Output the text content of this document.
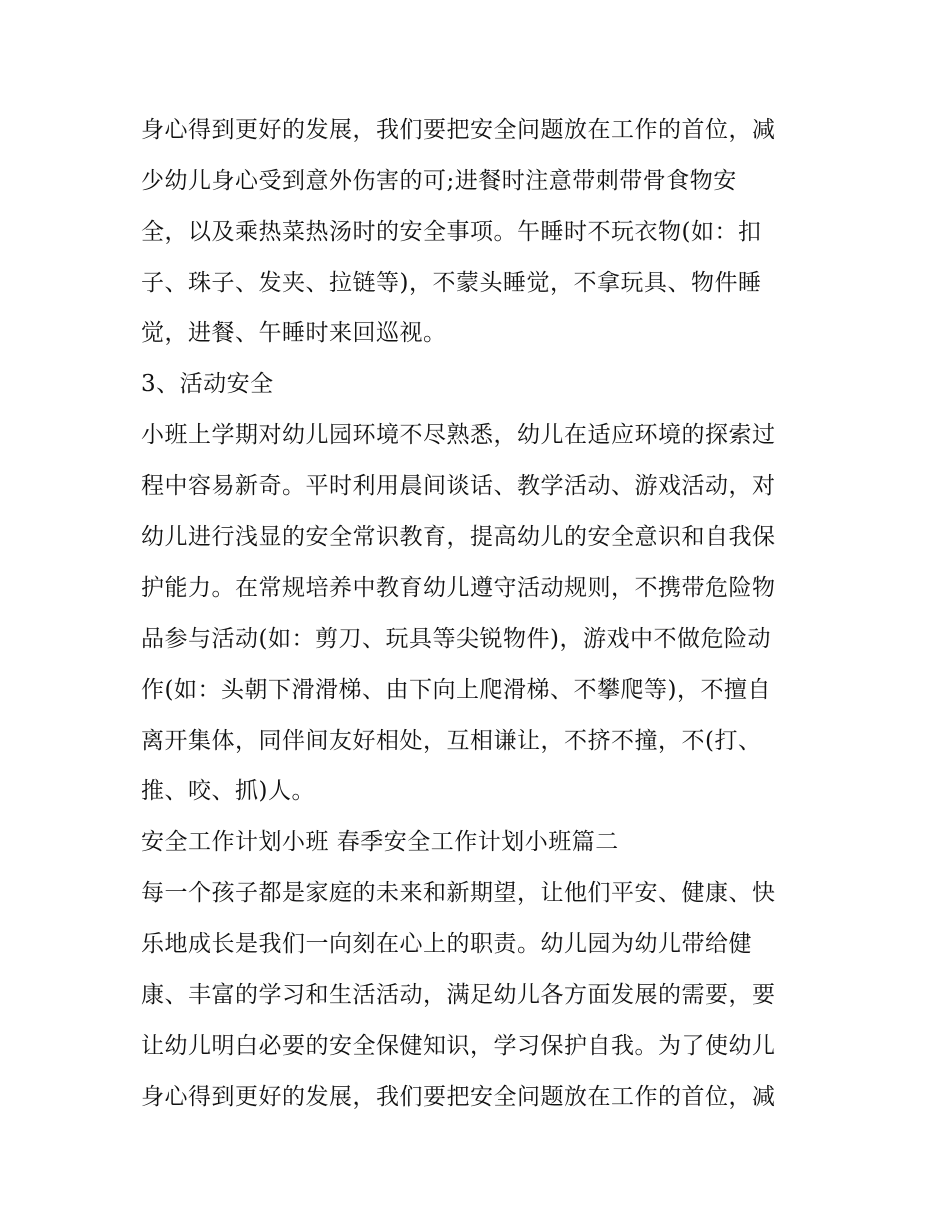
身心得到更好的发展，我们要把安全问题放在工作的首位，减
少幼儿身心受到意外伤害的可;进餐时注意带刺带骨食物安
全，以及乘热菜热汤时的安全事项。午睡时不玩衣物(如：扣
子、珠子、发夹、拉链等)，不蒙头睡觉，不拿玩具、物件睡
觉，进餐、午睡时来回巡视。
3、活动安全
小班上学期对幼儿园环境不尽熟悉，幼儿在适应环境的探索过
程中容易新奇。平时利用晨间谈话、教学活动、游戏活动，对
幼儿进行浅显的安全常识教育，提高幼儿的安全意识和自我保
护能力。在常规培养中教育幼儿遵守活动规则，不携带危险物
品参与活动(如：剪刀、玩具等尖锐物件)，游戏中不做危险动
作(如：头朝下滑滑梯、由下向上爬滑梯、不攀爬等)，不擅自
离开集体，同伴间友好相处，互相谦让，不挤不撞，不(打、
推、咬、抓)人。
安全工作计划小班 春季安全工作计划小班篇二
每一个孩子都是家庭的未来和新期望，让他们平安、健康、快
乐地成长是我们一向刻在心上的职责。幼儿园为幼儿带给健
康、丰富的学习和生活活动，满足幼儿各方面发展的需要，要
让幼儿明白必要的安全保健知识，学习保护自我。为了使幼儿
身心得到更好的发展，我们要把安全问题放在工作的首位，减
